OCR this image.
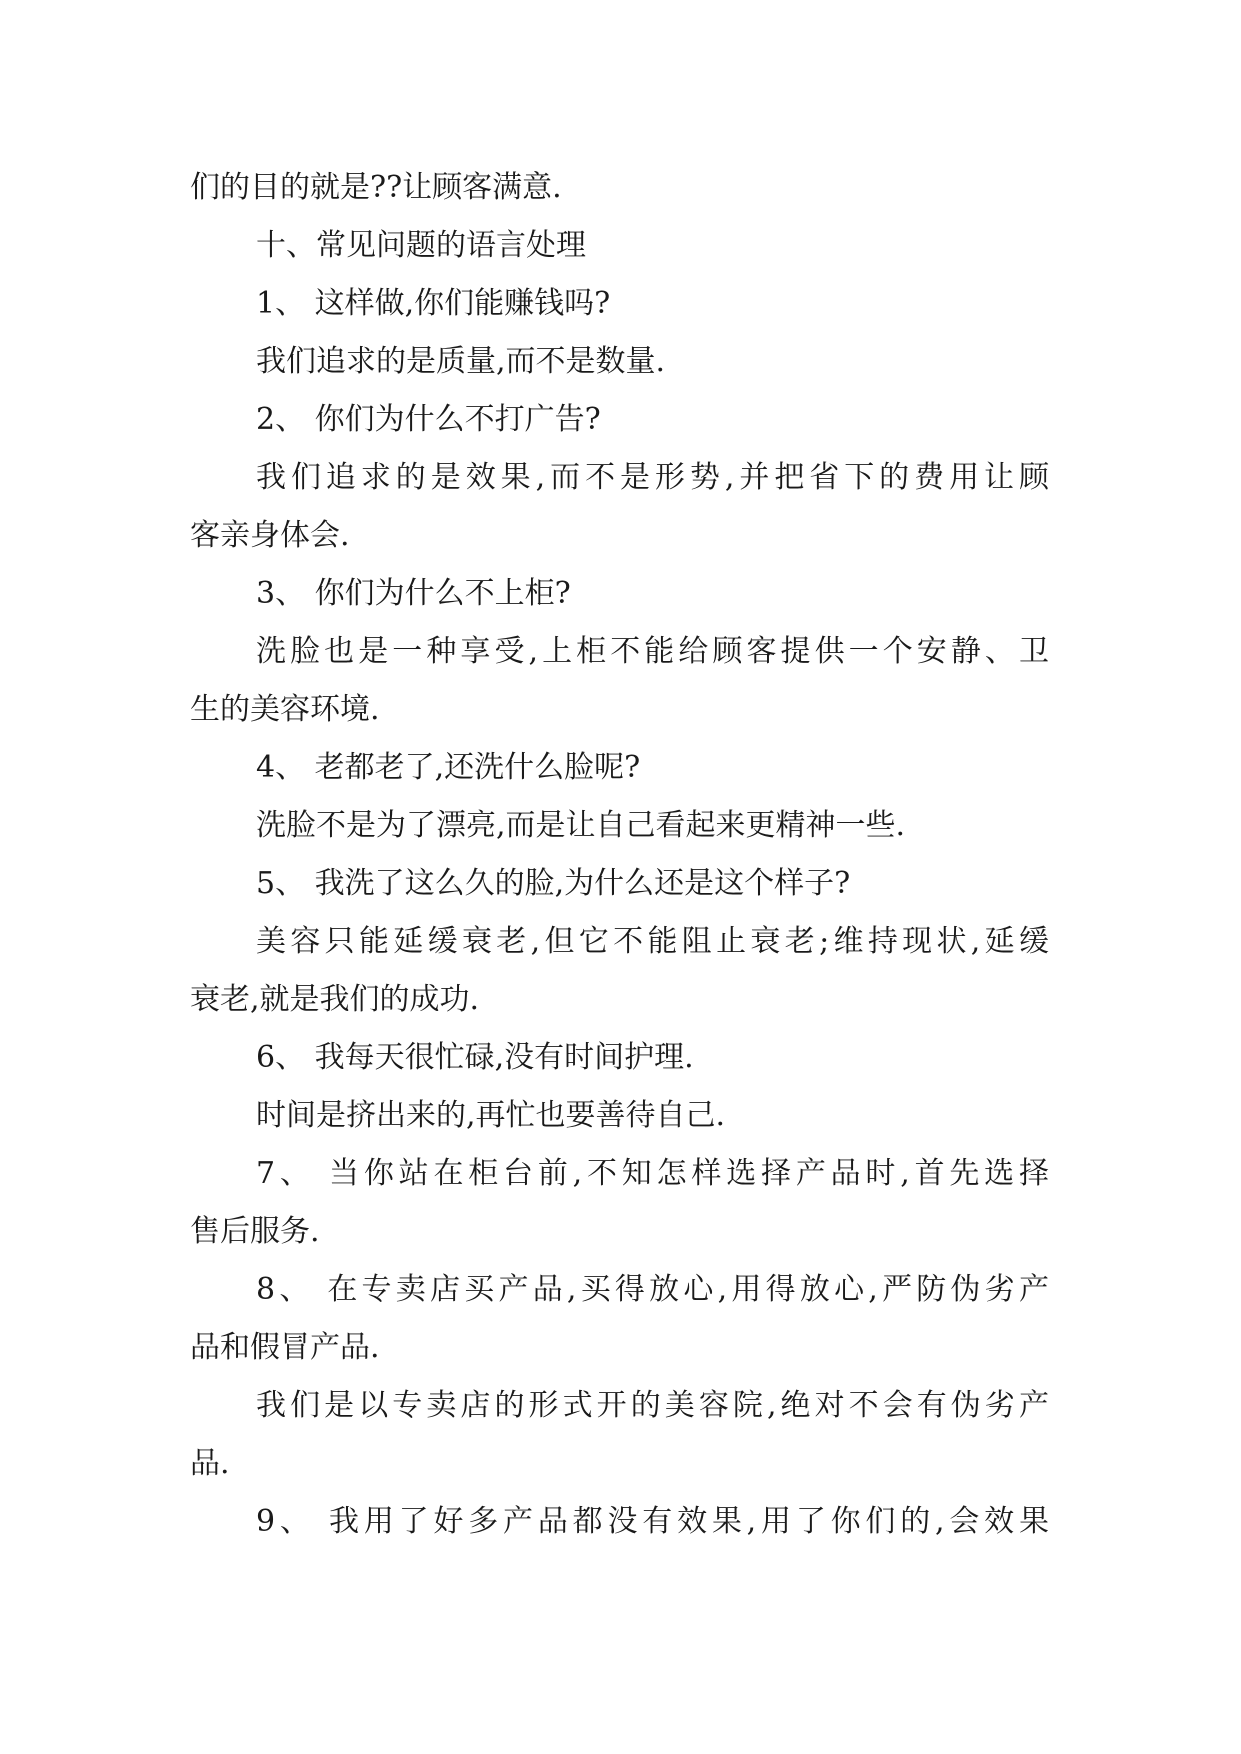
们的目的就是??让顾客满意.
十、常见问题的语言处理
1、 这样做,你们能赚钱吗?
我们追求的是质量,而不是数量.
2、 你们为什么不打广告?
我们追求的是效果,而不是形势,并把省下的费用让顾
客亲身体会.
3、 你们为什么不上柜?
洗脸也是一种享受,上柜不能给顾客提供一个安静、卫
生的美容环境.
4、 老都老了,还洗什么脸呢?
洗脸不是为了漂亮,而是让自己看起来更精神一些.
5、 我洗了这么久的脸,为什么还是这个样子?
美容只能延缓衰老,但它不能阻止衰老;维持现状,延缓
衰老,就是我们的成功.
6、 我每天很忙碌,没有时间护理.
时间是挤出来的,再忙也要善待自己.
7、 当你站在柜台前,不知怎样选择产品时,首先选择
售后服务.
8、 在专卖店买产品,买得放心,用得放心,严防伪劣产
品和假冒产品.
我们是以专卖店的形式开的美容院,绝对不会有伪劣产
品.
9、 我用了好多产品都没有效果,用了你们的,会效果
